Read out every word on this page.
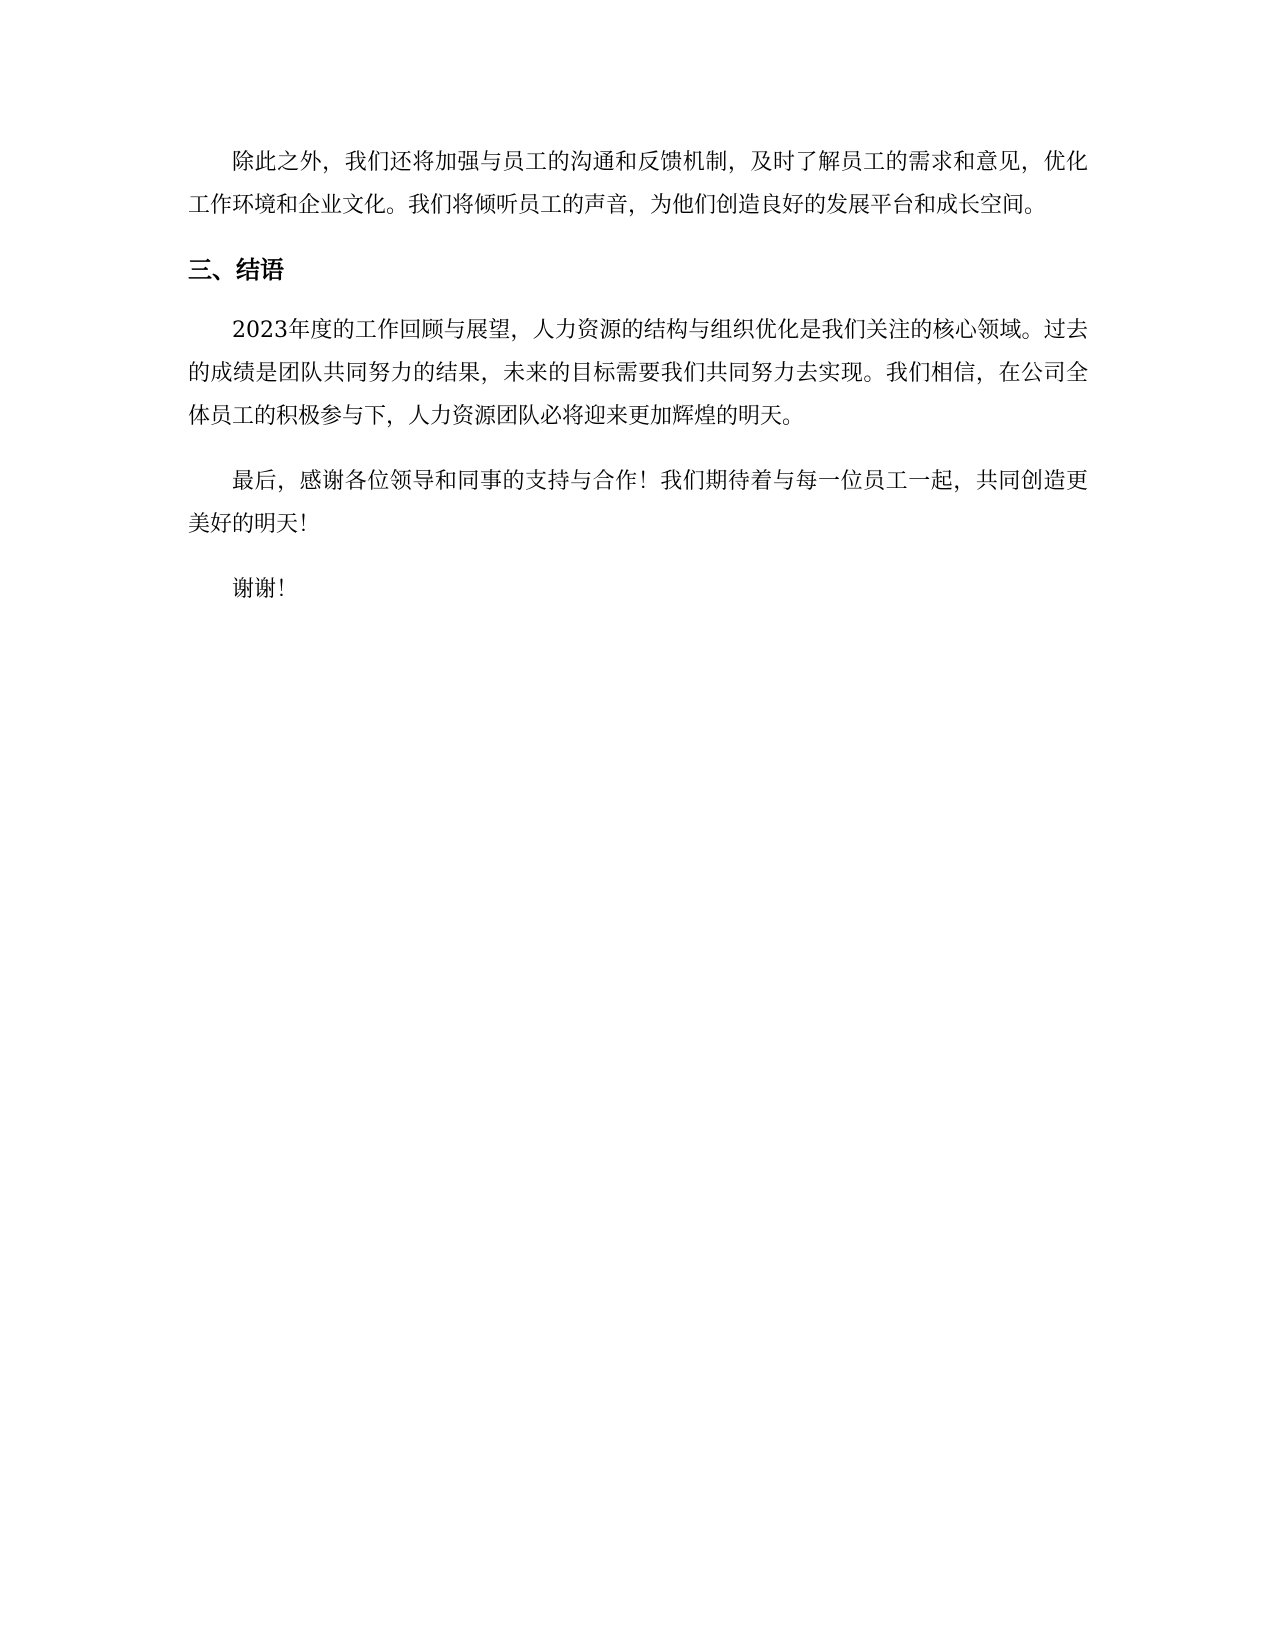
除此之外，我们还将加强与员工的沟通和反馈机制，及时了解员工的需求和意见，优化工作环境和企业文化。我们将倾听员工的声音，为他们创造良好的发展平台和成长空间。

三、结语

2023年度的工作回顾与展望，人力资源的结构与组织优化是我们关注的核心领域。过去的成绩是团队共同努力的结果，未来的目标需要我们共同努力去实现。我们相信，在公司全体员工的积极参与下，人力资源团队必将迎来更加辉煌的明天。

最后，感谢各位领导和同事的支持与合作！我们期待着与每一位员工一起，共同创造更美好的明天！

谢谢！
